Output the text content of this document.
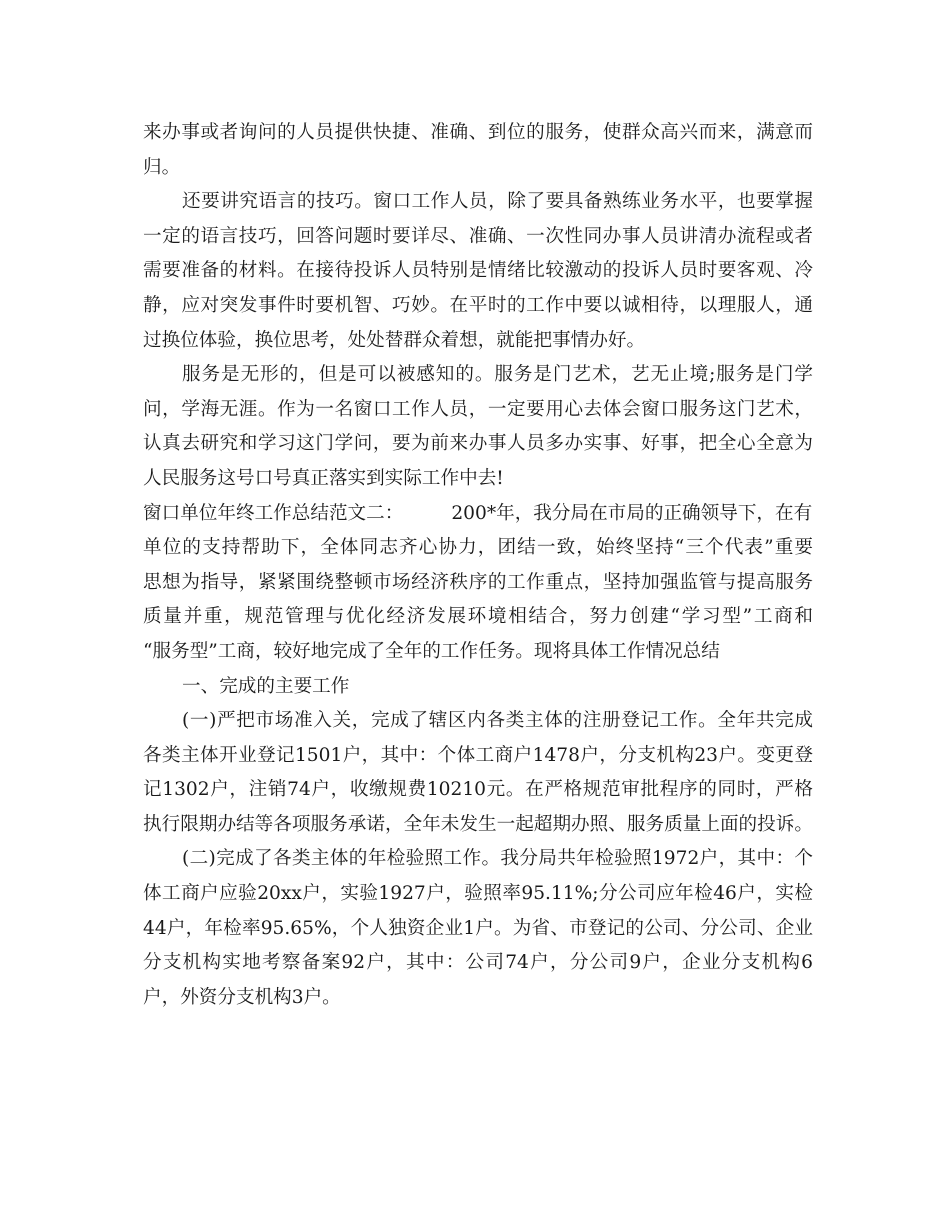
来办事或者询问的人员提供快捷、准确、到位的服务，使群众高兴而来，满意而
归。
还要讲究语言的技巧。窗口工作人员，除了要具备熟练业务水平，也要掌握
一定的语言技巧，回答问题时要详尽、准确、一次性同办事人员讲清办流程或者
需要准备的材料。在接待投诉人员特别是情绪比较激动的投诉人员时要客观、冷
静，应对突发事件时要机智、巧妙。在平时的工作中要以诚相待，以理服人，通
过换位体验，换位思考，处处替群众着想，就能把事情办好。
服务是无形的，但是可以被感知的。服务是门艺术，艺无止境;服务是门学
问，学海无涯。作为一名窗口工作人员，一定要用心去体会窗口服务这门艺术，
认真去研究和学习这门学问，要为前来办事人员多办实事、好事，把全心全意为
人民服务这号口号真正落实到实际工作中去!
窗口单位年终工作总结范文二：	200*年，我分局在市局的正确领导下，在有
单位的支持帮助下，全体同志齐心协力，团结一致，始终坚持“三个代表”重要
思想为指导，紧紧围绕整顿市场经济秩序的工作重点，坚持加强监管与提高服务
质量并重，规范管理与优化经济发展环境相结合，努力创建“学习型”工商和
“服务型”工商，较好地完成了全年的工作任务。现将具体工作情况总结
一、完成的主要工作
(一)严把市场准入关，完成了辖区内各类主体的注册登记工作。全年共完成
各类主体开业登记1501户，其中：个体工商户1478户，分支机构23户。变更登
记1302户，注销74户，收缴规费10210元。在严格规范审批程序的同时，严格
执行限期办结等各项服务承诺，全年未发生一起超期办照、服务质量上面的投诉。
(二)完成了各类主体的年检验照工作。我分局共年检验照1972户，其中：个
体工商户应验20xx户，实验1927户，验照率95.11%;分公司应年检46户，实检
44户，年检率95.65%，个人独资企业1户。为省、市登记的公司、分公司、企业
分支机构实地考察备案92户，其中：公司74户，分公司9户，企业分支机构6
户，外资分支机构3户。
